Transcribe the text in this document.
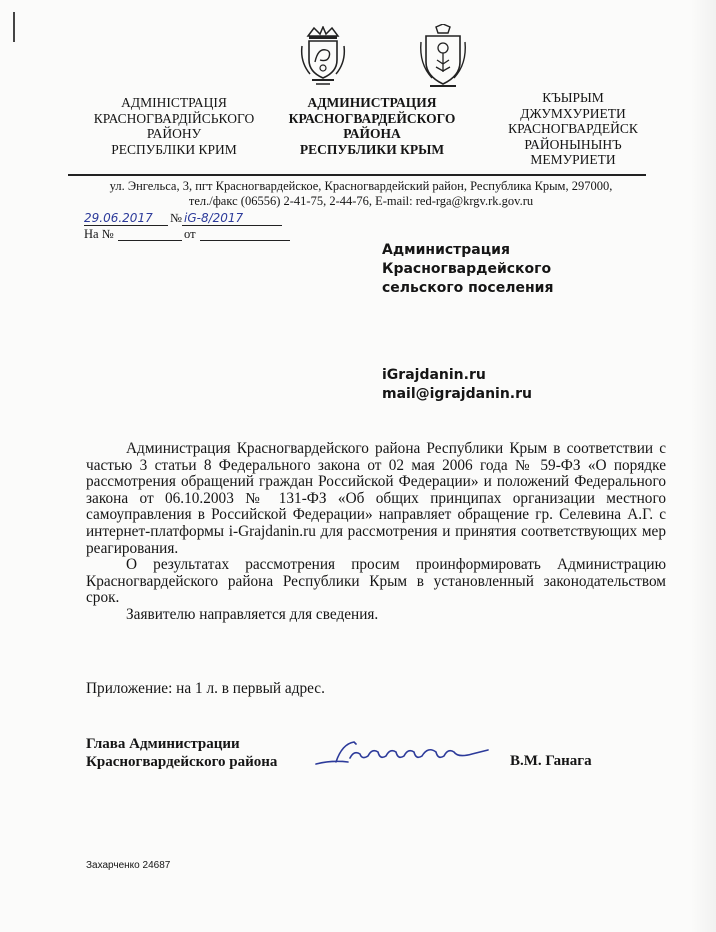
АДМІНІСТРАЦІЯ
КРАСНОГВАРДІЙСЬКОГО
РАЙОНУ
РЕСПУБЛІКИ КРИМ
АДМИНИСТРАЦИЯ
КРАСНОГВАРДЕЙСКОГО
РАЙОНА
РЕСПУБЛИКИ КРЫМ
КЪЫРЫМ
ДЖУМХУРИЕТИ
КРАСНОГВАРДЕЙСК
РАЙОНЫНЫНЪ
МЕМУРИЕТИ
ул. Энгельса, 3, пгт Красногвардейское, Красногвардейский район, Республика Крым, 297000,
тел./факс (06556) 2-41-75, 2-44-76, E-mail: red-rga@krgv.rk.gov.ru
29.06.2017 № iG-8/2017
На №	от
Администрация
Красногвардейского
сельского поселения
iGrajdanin.ru
mail@igrajdanin.ru

Администрация Красногвардейского района Республики Крым в соответствии с частью 3 статьи 8 Федерального закона от 02 мая 2006 года № 59-ФЗ «О порядке рассмотрения обращений граждан Российской Федерации» и положений Федерального закона от 06.10.2003 № 131-ФЗ «Об общих принципах организации местного самоуправления в Российской Федерации» направляет обращение гр. Селевина А.Г. с интернет-платформы i-Grajdanin.ru для рассмотрения и принятия соответствующих мер реагирования.

О результатах рассмотрения просим проинформировать Администрацию Красногвардейского района Республики Крым в установленный законодательством срок.

Заявителю направляется для сведения.

Приложение: на 1 л. в первый адрес.
Глава Администрации
Красногвардейского района	В.М. Ганага
Захарченко 24687
